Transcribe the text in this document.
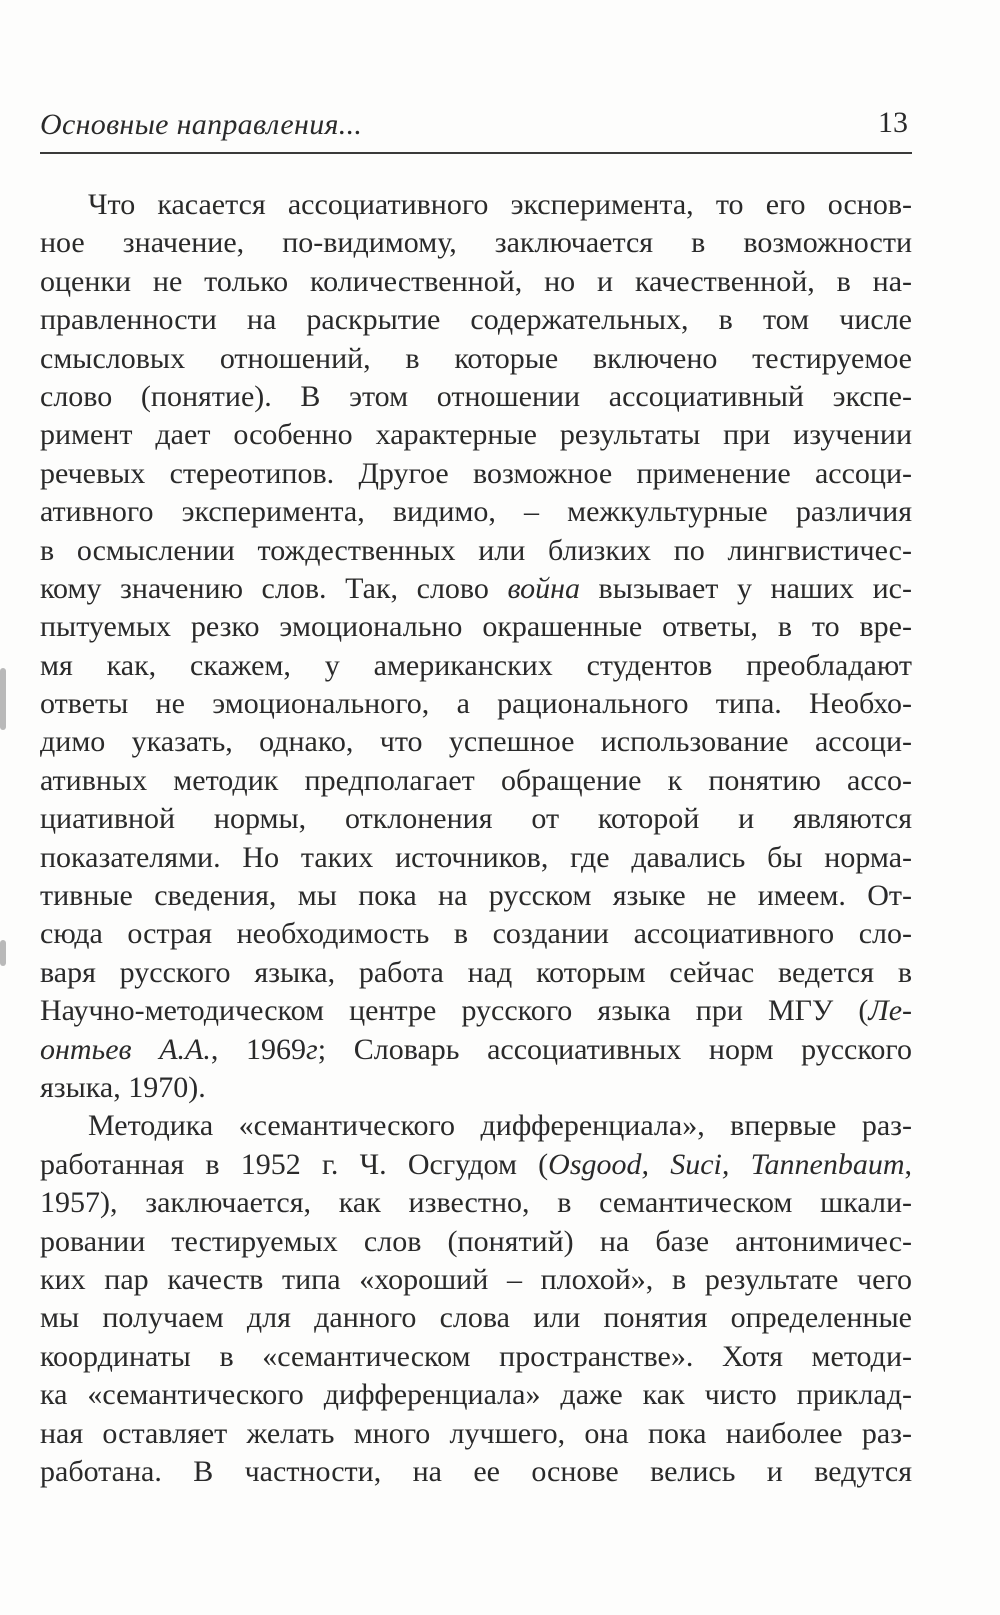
Основные направления...	13
Что касается ассоциативного эксперимента, то его основ-
ное значение, по-видимому, заключается в возможности
оценки не только количественной, но и качественной, в на-
правленности на раскрытие содержательных, в том числе
смысловых отношений, в которые включено тестируемое
слово (понятие). В этом отношении ассоциативный экспе-
римент дает особенно характерные результаты при изучении
речевых стереотипов. Другое возможное применение ассоци-
ативного эксперимента, видимо, – межкультурные различия
в осмыслении тождественных или близких по лингвистичес-
кому значению слов. Так, слово война вызывает у наших ис-
пытуемых резко эмоционально окрашенные ответы, в то вре-
мя как, скажем, у американских студентов преобладают
ответы не эмоционального, а рационального типа. Необхо-
димо указать, однако, что успешное использование ассоци-
ативных методик предполагает обращение к понятию ассо-
циативной нормы, отклонения от которой и являются
показателями. Но таких источников, где давались бы норма-
тивные сведения, мы пока на русском языке не имеем. От-
сюда острая необходимость в создании ассоциативного сло-
варя русского языка, работа над которым сейчас ведется в
Научно-методическом центре русского языка при МГУ (Ле-
онтьев А.А., 1969г; Словарь ассоциативных норм русского
языка, 1970).
Методика «семантического дифференциала», впервые раз-
работанная в 1952 г. Ч. Осгудом (Osgood, Suci, Tannenbaum,
1957), заключается, как известно, в семантическом шкали-
ровании тестируемых слов (понятий) на базе антонимичес-
ких пар качеств типа «хороший – плохой», в результате чего
мы получаем для данного слова или понятия определенные
координаты в «семантическом пространстве». Хотя методи-
ка «семантического дифференциала» даже как чисто приклад-
ная оставляет желать много лучшего, она пока наиболее раз-
работана. В частности, на ее основе велись и ведутся
